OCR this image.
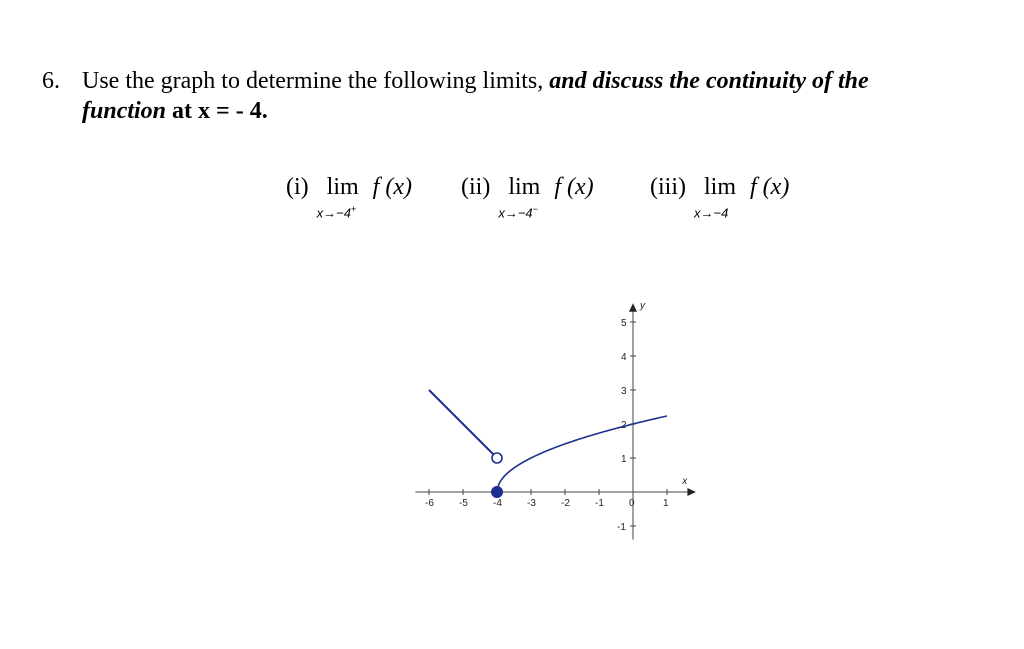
6. Use the graph to determine the following limits, and discuss the continuity of the
function at x = - 4.
(i) lim
x→−4+
f (x) (ii) lim
x→−4−
f (x) (iii) lim
x→−4
f (x)
x
y
-6	-5	-4	-3	-2	-1	0	1
5
4
3
2
1
-1
